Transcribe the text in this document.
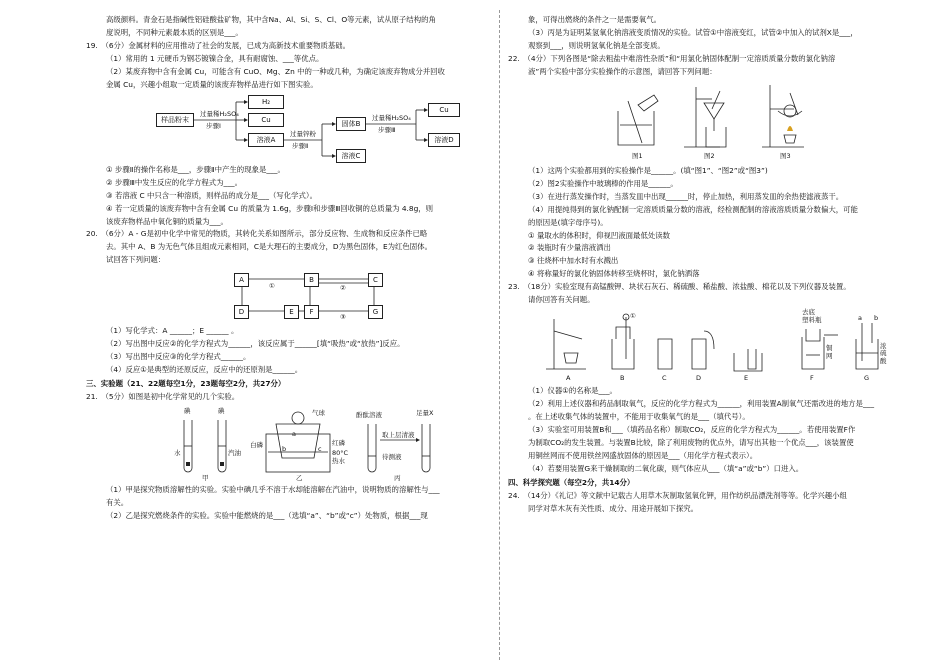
高级颜料。青金石是指碱性铝硅酸盐矿物，其中含Na、Al、Si、S、Cl、O等元素，试从原子结构的角

度说明，不同种元素最本质的区别是___。

19.　（6分）金属材料的应用推动了社会的发展，已成为高新技术重要物质基础。

（1）常用的 1 元硬币为钢芯镀镍合金，具有耐腐蚀、___等优点。

（2）某废弃物中含有金属 Cu，可能含有 CuO、Mg、Zn 中的一种或几种，为确定该废弃物成分并回收

金属 Cu，兴趣小组取一定质量的该废弃物样品进行如下图实验。

样品粉末
过量稀H₂SO₄
步骤Ⅰ
H₂
Cu
溶液A
过量锌粉
步骤Ⅱ
固体B
溶液C
过量稀H₂SO₄
步骤Ⅲ
Cu
溶液D

① 步骤Ⅱ的操作名称是___，步骤Ⅱ中产生的现象是___。

② 步骤Ⅲ中发生反应的化学方程式为___。

③ 若溶液 C 中只含一种溶质，则样品的成分是___（写化学式）。

④ 若一定质量的该废弃物中含有金属 Cu 的质量为 1.6g，步骤Ⅰ和步骤Ⅲ回收铜的总质量为 4.8g，则

该废弃物样品中氧化铜的质量为___。

20.　（6分）A - G是初中化学中常见的物质，其转化关系如图所示，部分反应物、生成物和反应条件已略

去。其中 A、B 为无色气体且组成元素相同，C是大理石的主要成分，D为黑色固体，E为红色固体。

试回答下列问题：

A	B	C
D	E	F	G
①	②
③

（1）写化学式：A ______；E ______ 。

（2）写出图中反应②的化学方程式为______，该反应属于______[填“吸热”或“放热”]反应。

（3）写出图中反应③的化学方程式______。

（4）反应①是典型的还原反应，反应中的还原剂是______。

三、实验题（21、22题每空1分，23题每空2分，共27分）

21.　（5分）如图是初中化学常见的几个实验。

碘	碘
水	汽油
甲
气球
白磷	红磷
80°C
热水
a
b	c
乙
酚酞溶液
取上层清液
待测液
足量X
丙

（1）甲是探究物质溶解性的实验。实验中碘几乎不溶于水却能溶解在汽油中，说明物质的溶解性与___

有关。

（2）乙是探究燃烧条件的实验。实验中能燃烧的是___（选填“a”、“b”或“c”）处物质，根据___现

象，可得出燃烧的条件之一是需要氧气。

（3）丙是为证明某氢氧化钠溶液变质情况的实验。试管①中溶液变红，试管②中加入的试剂X是___，

观察到___，则说明氢氧化钠是全部变质。

22.　（4分）下列各图是“除去粗盐中难溶性杂质”和“用氯化钠固体配制一定溶质质量分数的氯化钠溶

液”两个实验中部分实验操作的示意图，请回答下列问题：

图1	图2	图3

（1）这两个实验都用到的实验操作是______。(填“图1”、“图2”或“图3”)

（2）图2实验操作中玻璃棒的作用是______。

（3）在进行蒸发操作时，当蒸发皿中出现______时，停止加热，利用蒸发皿的余热使滤液蒸干。

（4）用提纯得到的氯化钠配制一定溶质质量分数的溶液，经检测配制的溶液溶质质量分数偏大，可能

的原因是(填字母序号)。

① 量取水的体积时，仰视凹液面最低处读数

② 装瓶时有少量溶液洒出

③ 往烧杯中加水时有水溅出

④ 将称量好的氯化钠固体转移至烧杯时，氯化钠洒落

23.　（18分）实验室现有高锰酸钾、块状石灰石、稀硫酸、稀盐酸、浓盐酸、棉花以及下列仪器及装置。

请你回答有关问题。

①	去底
塑料瓶
铜
网
浓
硫
酸
a b
A	B	C	D	E	F	G

（1）仪器①的名称是___。

（2）利用上述仪器和药品制取氧气，反应的化学方程式为______，利用装置A制氧气还需改进的地方是___

。在上述收集气体的装置中，不能用于收集氧气的是___（填代号）。

（3）实验室可用装置B和___（填药品名称）制取CO₂，反应的化学方程式为______。若使用装置F作

为制取CO₂的发生装置。与装置B比较，除了利用废物的优点外，请写出其他一个优点___，该装置使

用铜丝网而不使用铁丝网盛放固体的原因是___（用化学方程式表示）。

（4）若要用装置G来干燥制取的二氧化碳，则气体应从___（填“a”或“b”）口进入。

四、科学探究题（每空2分，共14分）

24.　（14分）《礼记》等文献中记载古人用草木灰制取氢氧化钾，用作纺织品漂洗剂等等。化学兴趣小组

同学对草木灰有关性质、成分、用途开展如下探究。
